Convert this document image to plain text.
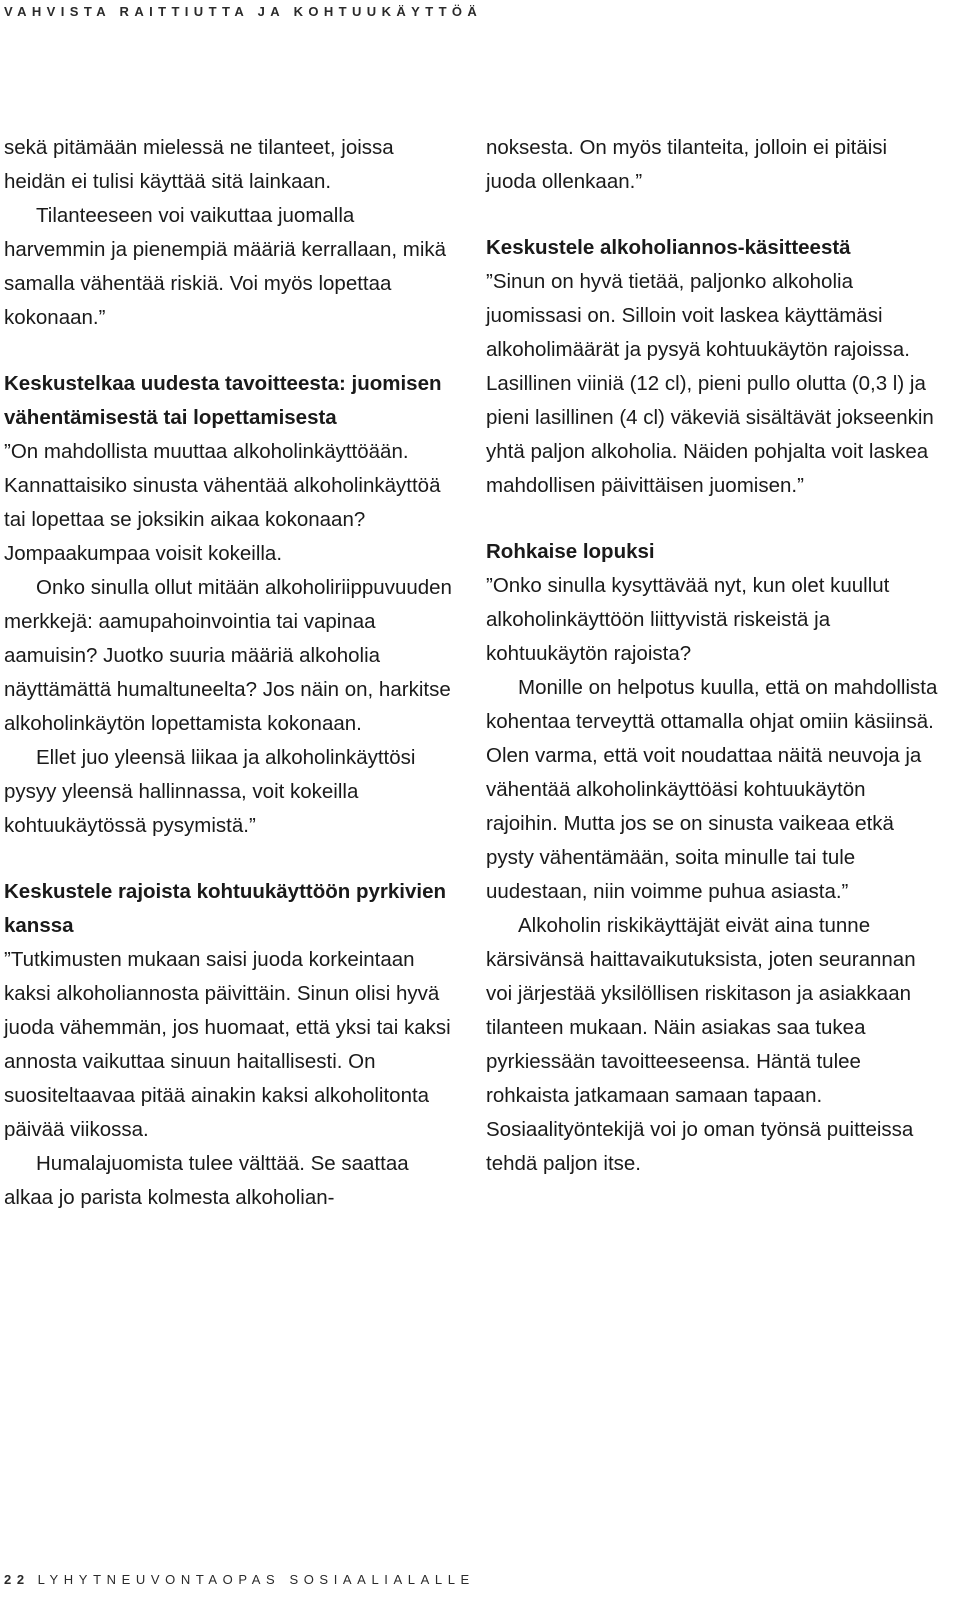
VAHVISTA RAITTIUTTA JA KOHTUUKÄYTTÖÄ

sekä pitämään mielessä ne tilanteet, joissa heidän ei tulisi käyttää sitä lainkaan.

Tilanteeseen voi vaikuttaa juomalla harvemmin ja pienempiä määriä kerrallaan, mikä samalla vähentää riskiä. Voi myös lopettaa kokonaan.”

Keskustelkaa uudesta tavoitteesta: juomisen vähentämisestä tai lopettamisesta

”On mahdollista muuttaa alkoholinkäyttöään. Kannattaisiko sinusta vähentää alkoholinkäyttöä tai lopettaa se joksikin aikaa kokonaan? Jompaakumpaa voisit kokeilla.

Onko sinulla ollut mitään alkoholiriippuvuuden merkkejä: aamupahoinvointia tai vapinaa aamuisin? Juotko suuria määriä alkoholia näyttämättä humaltuneelta? Jos näin on, harkitse alkoholinkäytön lopettamista kokonaan.

Ellet juo yleensä liikaa ja alkoholinkäyttösi pysyy yleensä hallinnassa, voit kokeilla kohtuukäytössä pysymistä.”

Keskustele rajoista kohtuukäyttöön pyrkivien kanssa

”Tutkimusten mukaan saisi juoda korkeintaan kaksi alkoholiannosta päivittäin. Sinun olisi hyvä juoda vähemmän, jos huomaat, että yksi tai kaksi annosta vaikuttaa sinuun haitallisesti. On suositeltaavaa pitää ainakin kaksi alkoholitonta päivää viikossa.

Humalajuomista tulee välttää. Se saattaa alkaa jo parista kolmesta alkoholian-

noksesta. On myös tilanteita, jolloin ei pitäisi juoda ollenkaan.”

Keskustele alkoholiannos-käsitteestä

”Sinun on hyvä tietää, paljonko alkoholia juomissasi on. Silloin voit laskea käyttämäsi alkoholimäärät ja pysyä kohtuukäytön rajoissa. Lasillinen viiniä (12 cl), pieni pullo olutta (0,3 l) ja pieni lasillinen (4 cl) väkeviä sisältävät jokseenkin yhtä paljon alkoholia. Näiden pohjalta voit laskea mahdollisen päivittäisen juomisen.”

Rohkaise lopuksi

”Onko sinulla kysyttävää nyt, kun olet kuullut alkoholinkäyttöön liittyvistä riskeistä ja kohtuukäytön rajoista?

Monille on helpotus kuulla, että on mahdollista kohentaa terveyttä ottamalla ohjat omiin käsiinsä. Olen varma, että voit noudattaa näitä neuvoja ja vähentää alkoholinkäyttöäsi kohtuukäytön rajoihin. Mutta jos se on sinusta vaikeaa etkä pysty vähentämään, soita minulle tai tule uudestaan, niin voimme puhua asiasta.”

Alkoholin riskikäyttäjät eivät aina tunne kärsivänsä haittavaikutuksista, joten seurannan voi järjestää yksilöllisen riskitason ja asiakkaan tilanteen mukaan. Näin asiakas saa tukea pyrkiessään tavoitteeseensa. Häntä tulee rohkaista jatkamaan samaan tapaan. Sosiaalityöntekijä voi jo oman työnsä puitteissa tehdä paljon itse.

22 LYHYTNEUVONTAOPAS SOSIAALIALALLE
